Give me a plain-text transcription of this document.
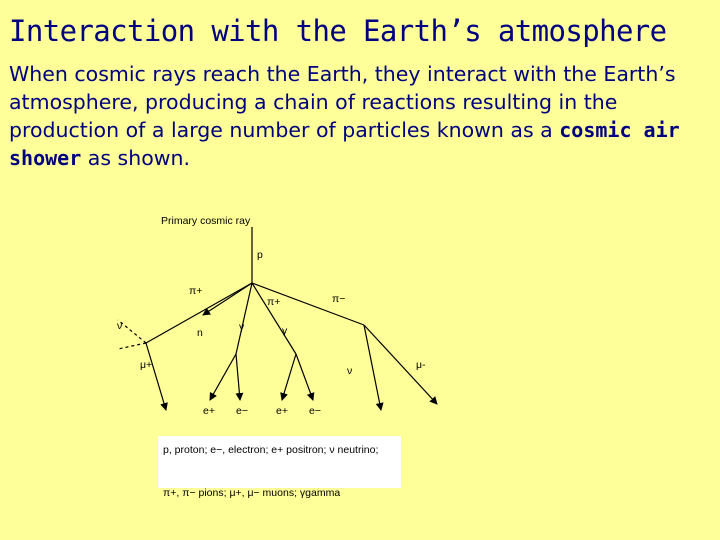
Interaction with the Earth’s atmosphere

When cosmic rays reach the Earth, they interact with the Earth’s atmosphere, producing a chain of reactions resulting in the production of a large number of particles known as a cosmic air shower as shown.

Primary cosmic ray
p
π+
π+	π−
ν
n	γ	γ
μ+	ν	μ-
e+ e−	e+ e−
p, proton; e−, electron; e+ positron; ν neutrino;
π+, π− pions; μ+, μ− muons; γgamma
